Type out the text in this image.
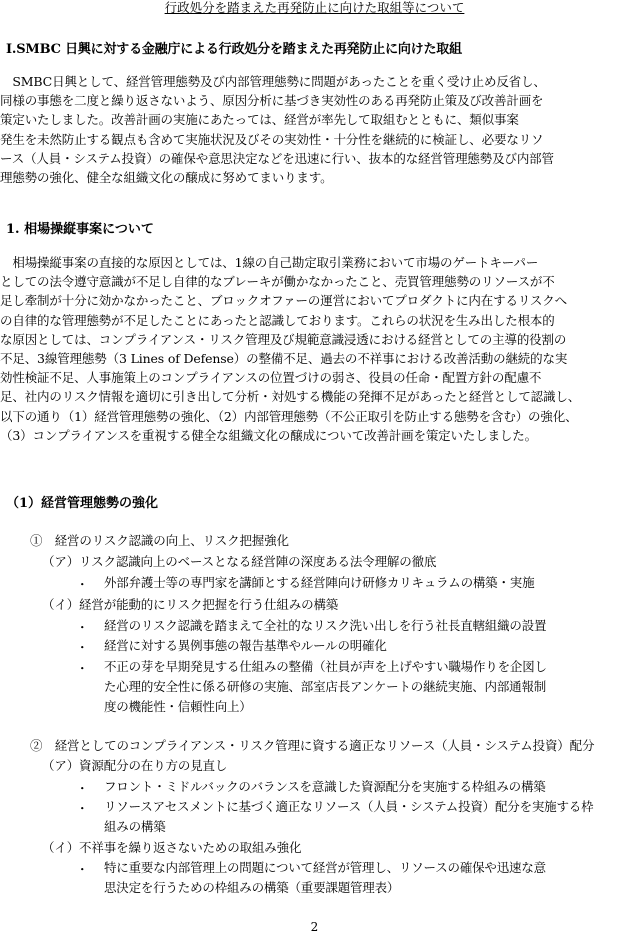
行政処分を踏まえた再発防止に向けた取組等について
Ⅰ.SMBC 日興に対する金融庁による行政処分を踏まえた再発防止に向けた取組
　SMBC日興として、経営管理態勢及び内部管理態勢に問題があったことを重く受け止め反省し、
同様の事態を二度と繰り返さないよう、原因分析に基づき実効性のある再発防止策及び改善計画を
策定いたしました。改善計画の実施にあたっては、経営が率先して取組むとともに、類似事案
発生を未然防止する観点も含めて実施状況及びその実効性・十分性を継続的に検証し、必要なリソ
ース（人員・システム投資）の確保や意思決定などを迅速に行い、抜本的な経営管理態勢及び内部管
理態勢の強化、健全な組織文化の醸成に努めてまいります。
1. 相場操縦事案について
　相場操縦事案の直接的な原因としては、1線の自己勘定取引業務において市場のゲートキーパー
としての法令遵守意識が不足し自律的なブレーキが働かなかったこと、売買管理態勢のリソースが不
足し牽制が十分に効かなかったこと、ブロックオファーの運営においてプロダクトに内在するリスクへ
の自律的な管理態勢が不足したことにあったと認識しております。これらの状況を生み出した根本的
な原因としては、コンプライアンス・リスク管理及び規範意識浸透における経営としての主導的役割の
不足、3線管理態勢（3 Lines of Defense）の整備不足、過去の不祥事における改善活動の継続的な実
効性検証不足、人事施策上のコンプライアンスの位置づけの弱さ、役員の任命・配置方針の配慮不
足、社内のリスク情報を適切に引き出して分析・対処する機能の発揮不足があったと経営として認識し、
以下の通り（1）経営管理態勢の強化、（2）内部管理態勢（不公正取引を防止する態勢を含む）の強化、
（3）コンプライアンスを重視する健全な組織文化の醸成について改善計画を策定いたしました。
（1）経営管理態勢の強化
①　経営のリスク認識の向上、リスク把握強化
（ア）リスク認識向上のベースとなる経営陣の深度ある法令理解の徹底
・ 外部弁護士等の専門家を講師とする経営陣向け研修カリキュラムの構築・実施
（イ）経営が能動的にリスク把握を行う仕組みの構築
・ 経営のリスク認識を踏まえて全社的なリスク洗い出しを行う社長直轄組織の設置
・ 経営に対する異例事態の報告基準やルールの明確化
・ 不正の芽を早期発見する仕組みの整備（社員が声を上げやすい職場作りを企図し
た心理的安全性に係る研修の実施、部室店長アンケートの継続実施、内部通報制
度の機能性・信頼性向上）
②　経営としてのコンプライアンス・リスク管理に資する適正なリソース（人員・システム投資）配分
（ア）資源配分の在り方の見直し
・ フロント・ミドルバックのバランスを意識した資源配分を実施する枠組みの構築
・ リソースアセスメントに基づく適正なリソース（人員・システム投資）配分を実施する枠
組みの構築
（イ）不祥事を繰り返さないための取組み強化
・ 特に重要な内部管理上の問題について経営が管理し、リソースの確保や迅速な意
思決定を行うための枠組みの構築（重要課題管理表）
2
